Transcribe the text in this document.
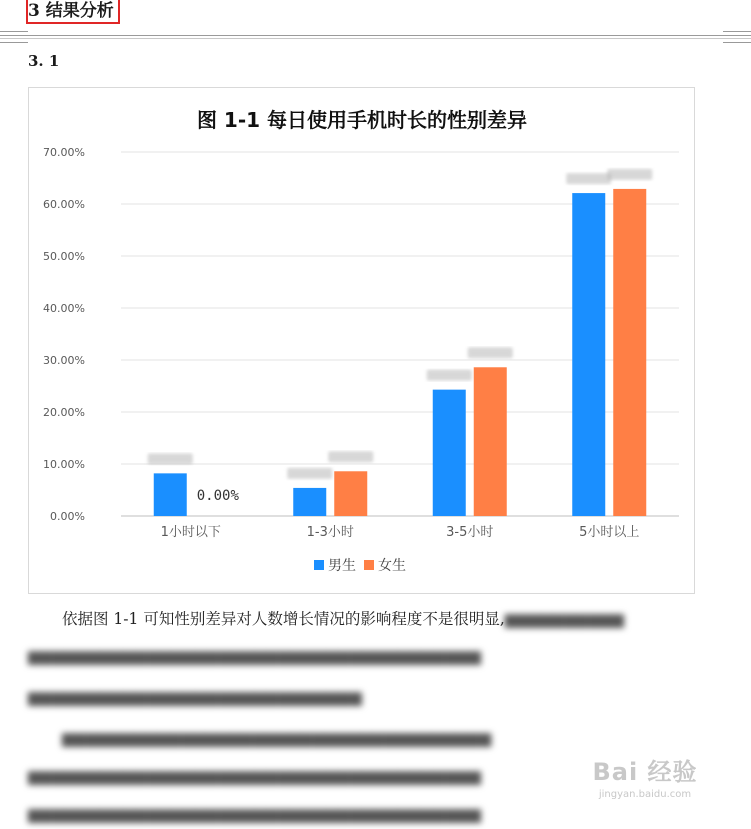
3 结果分析
3. 1
图 1-1 每日使用手机时长的性别差异
0.00%
10.00%
20.00%
30.00%
40.00%
50.00%
60.00%
70.00%
0.00%
1小时以下	1-3小时	3-5小时	5小时以上
男生 女生
依据图 1-1 可知性别差异对人数增长情况的影响程度不是很明显,▆▆▆▆▆▆▆▆▆▆
▆▆▆▆▆▆▆▆▆▆▆▆▆▆▆▆▆▆▆▆▆▆▆▆▆▆▆▆▆▆▆▆▆▆▆▆▆▆
▆▆▆▆▆▆▆▆▆▆▆▆▆▆▆▆▆▆▆▆▆▆▆▆▆▆▆▆
▆▆▆▆▆▆▆▆▆▆▆▆▆▆▆▆▆▆▆▆▆▆▆▆▆▆▆▆▆▆▆▆▆▆▆▆
▆▆▆▆▆▆▆▆▆▆▆▆▆▆▆▆▆▆▆▆▆▆▆▆▆▆▆▆▆▆▆▆▆▆▆▆▆▆
▆▆▆▆▆▆▆▆▆▆▆▆▆▆▆▆▆▆▆▆▆▆▆▆▆▆▆▆▆▆▆▆▆▆▆▆▆▆
Bai 经验
jingyan.baidu.com
